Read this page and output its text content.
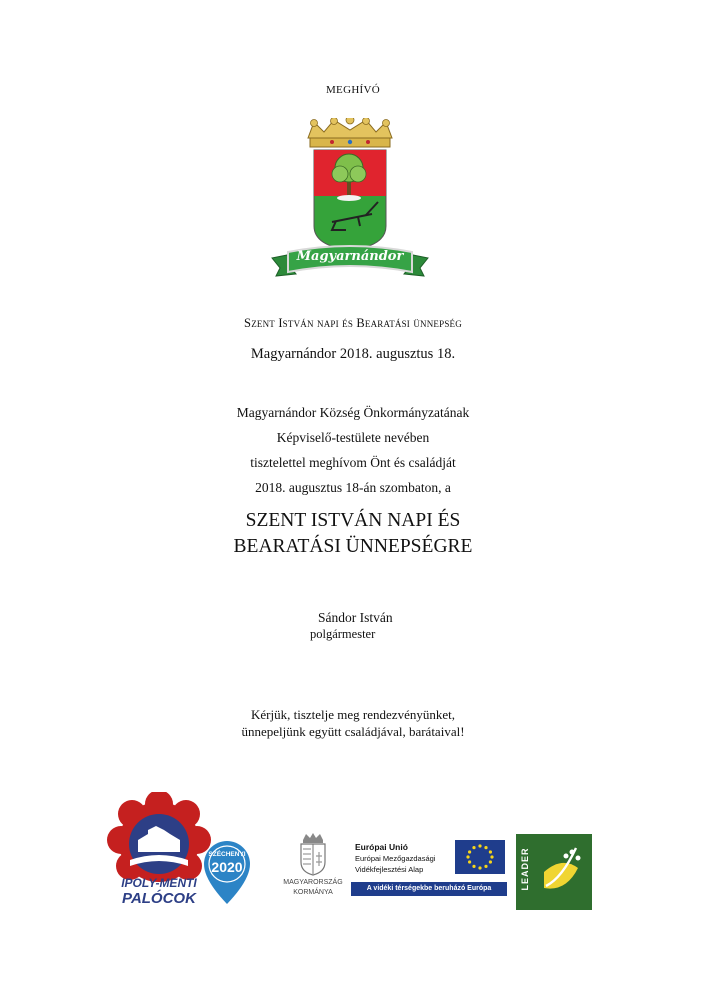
MEGHÍVÓ
Magyarnándor
Szent István napi és Bearatási ünnepség
Magyarnándor 2018. augusztus 18.
Magyarnándor Község Önkormányzatának
Képviselő-testülete nevében
tisztelettel meghívom Önt és családját
2018. augusztus 18-án szombaton, a
SZENT ISTVÁN NAPI ÉS
BEARATÁSI ÜNNEPSÉGRE
Sándor István
polgármester
Kérjük, tisztelje meg rendezvényünket,
ünnepeljünk együtt családjával, barátaival!
IPOLY-MENTI
PALÓCOK
SZÉCHENYI
2020
MAGYARORSZÁG
KORMÁNYA
Európai Unió
Európai Mezőgazdasági
Vidékfejlesztési Alap
A vidéki térségekbe beruházó Európa	LEADER
